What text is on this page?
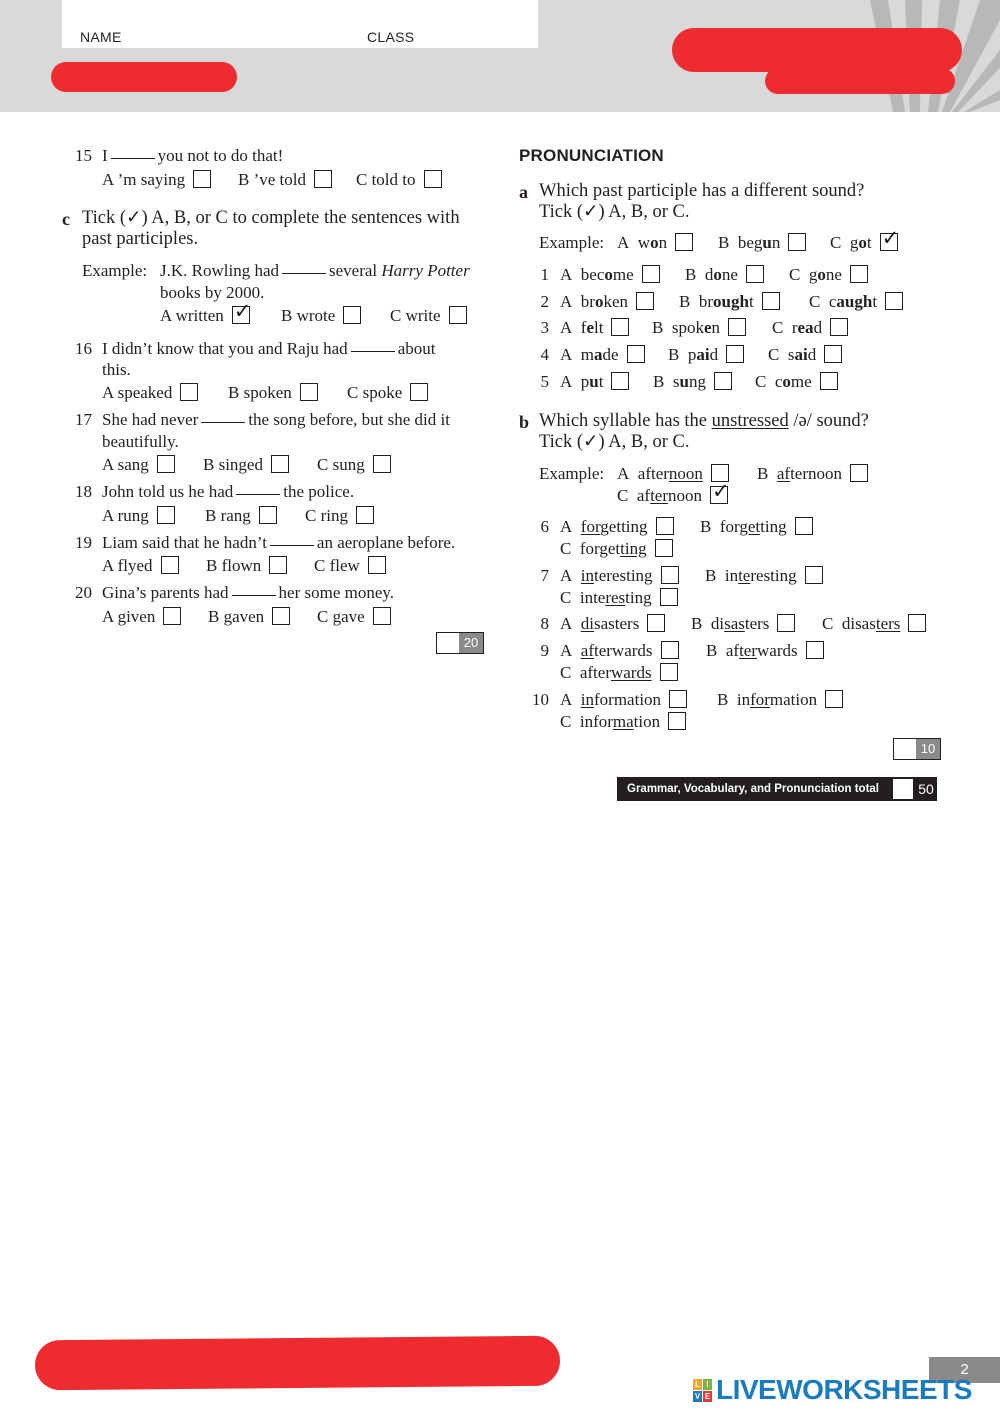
NAME	CLASS
15 I	you not to do that!
A ’m saying	B ’ve told	C told to
c Tick (✓) A, B, or C to complete the sentences with
past participles.
Example: J.K. Rowling had	several Harry Potter
books by 2000.
A written ✓ B wrote	C write
16 I didn’t know that you and Raju had	about
this.
A speaked	B spoken	C spoke
17 She had never	the song before, but she did it
beautifully.
A sang	B singed	C sung
18 John told us he had	the police.
A rung	B rang	C ring
19 Liam said that he hadn’t	an aeroplane before.
A flyed	B flown	C flew
20 Gina’s parents had	her some money.
A given	B gaven	C gave
20
PRONUNCIATION
a Which past participle has a different sound?
Tick (✓) A, B, or C.
Example: A  won	B  begun	C  got ✓
1 A  become	B  done	C  gone
2 A  broken	B  brought	C  caught
3 A  felt	B  spoken	C  read
4 A  made	B  paid	C  said
5 A  put	B  sung	C  come
b Which syllable has the unstressed /ə/ sound?
Tick (✓) A, B, or C.
Example: A  afternoon	B afternoon
C  afternoon ✓
6 A forgetting	B  forgetting
C  forgetting
7 A interesting	B  interesting
C  interesting
8 A disasters	B  disasters	C  disasters
9 A afterwards	B  afterwards
C  afterwards
10 A information	B  information
C  information
10
Grammar, Vocabulary, and Pronunciation total	50
2
L I
V E LIVEWORKSHEETS
